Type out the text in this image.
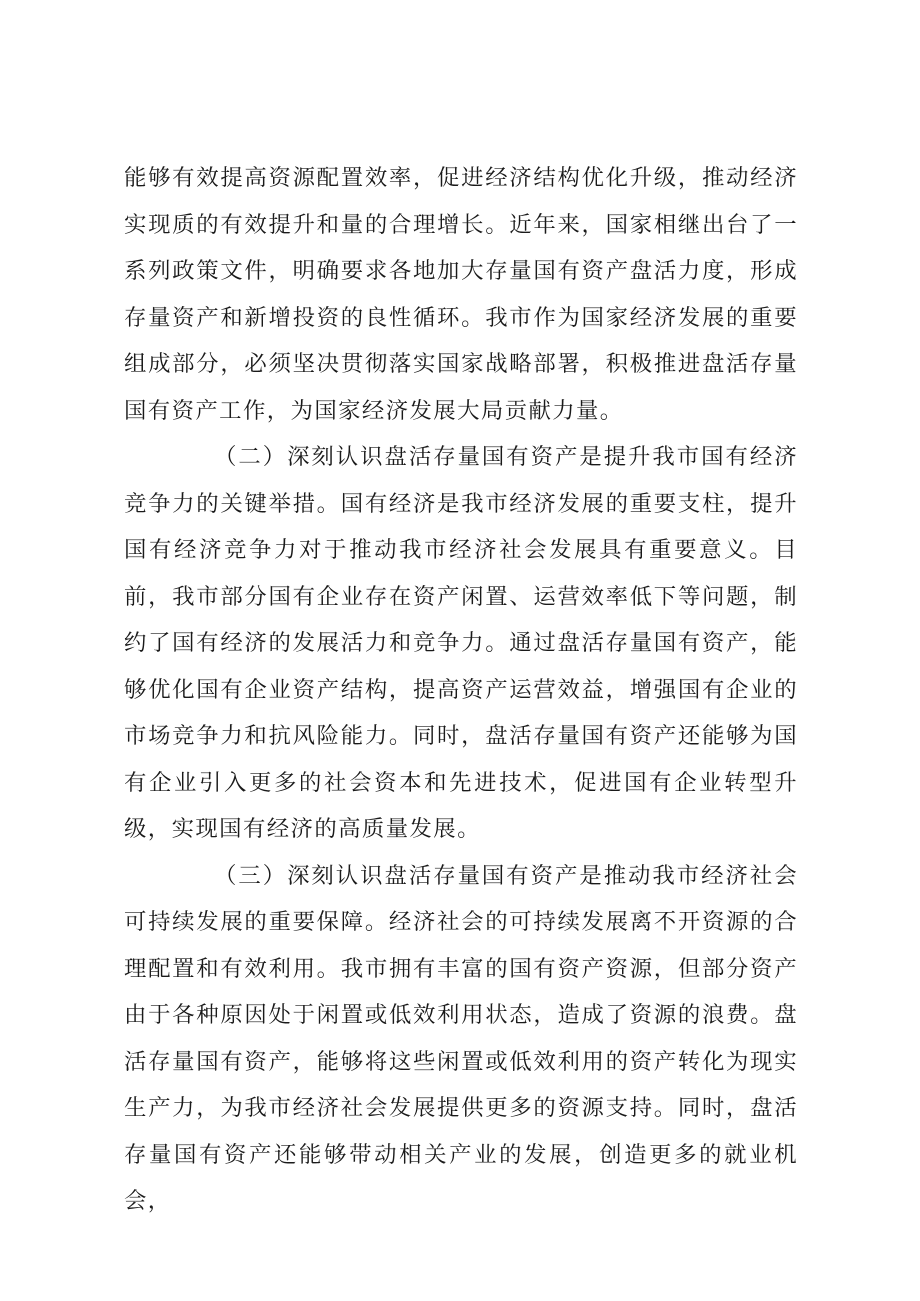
能够有效提高资源配置效率，促进经济结构优化升级，推动经济实现质的有效提升和量的合理增长。近年来，国家相继出台了一系列政策文件，明确要求各地加大存量国有资产盘活力度，形成存量资产和新增投资的良性循环。我市作为国家经济发展的重要组成部分，必须坚决贯彻落实国家战略部署，积极推进盘活存量国有资产工作，为国家经济发展大局贡献力量。

（二）深刻认识盘活存量国有资产是提升我市国有经济竞争力的关键举措。国有经济是我市经济发展的重要支柱，提升国有经济竞争力对于推动我市经济社会发展具有重要意义。目前，我市部分国有企业存在资产闲置、运营效率低下等问题，制约了国有经济的发展活力和竞争力。通过盘活存量国有资产，能够优化国有企业资产结构，提高资产运营效益，增强国有企业的市场竞争力和抗风险能力。同时，盘活存量国有资产还能够为国有企业引入更多的社会资本和先进技术，促进国有企业转型升级，实现国有经济的高质量发展。

（三）深刻认识盘活存量国有资产是推动我市经济社会可持续发展的重要保障。经济社会的可持续发展离不开资源的合理配置和有效利用。我市拥有丰富的国有资产资源，但部分资产由于各种原因处于闲置或低效利用状态，造成了资源的浪费。盘活存量国有资产，能够将这些闲置或低效利用的资产转化为现实生产力，为我市经济社会发展提供更多的资源支持。同时，盘活存量国有资产还能够带动相关产业的发展，创造更多的就业机会，
